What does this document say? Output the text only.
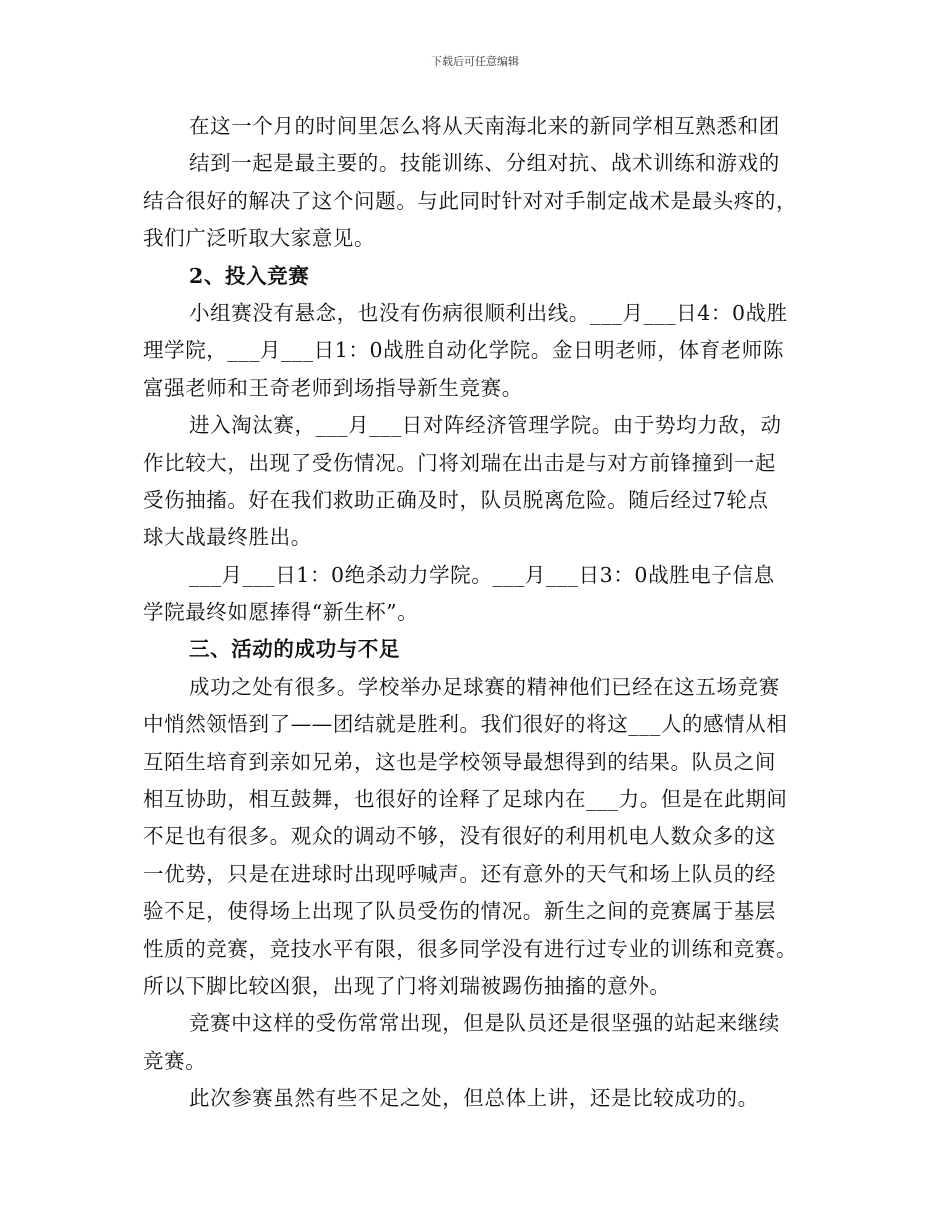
下载后可任意编辑
在这一个月的时间里怎么将从天南海北来的新同学相互熟悉和团
结到一起是最主要的。技能训练、分组对抗、战术训练和游戏的
结合很好的解决了这个问题。与此同时针对对手制定战术是最头疼的，
我们广泛听取大家意见。
2、投入竞赛
小组赛没有悬念，也没有伤病很顺利出线。___月___日4：0战胜
理学院，___月___日1：0战胜自动化学院。金日明老师，体育老师陈
富强老师和王奇老师到场指导新生竞赛。
进入淘汰赛，___月___日对阵经济管理学院。由于势均力敌，动
作比较大，出现了受伤情况。门将刘瑞在出击是与对方前锋撞到一起
受伤抽搐。好在我们救助正确及时，队员脱离危险。随后经过7轮点
球大战最终胜出。
___月___日1：0绝杀动力学院。___月___日3：0战胜电子信息
学院最终如愿捧得“新生杯”。
三、活动的成功与不足
成功之处有很多。学校举办足球赛的精神他们已经在这五场竞赛
中悄然领悟到了——团结就是胜利。我们很好的将这___人的感情从相
互陌生培育到亲如兄弟，这也是学校领导最想得到的结果。队员之间
相互协助，相互鼓舞，也很好的诠释了足球内在___力。但是在此期间
不足也有很多。观众的调动不够，没有很好的利用机电人数众多的这
一优势，只是在进球时出现呼喊声。还有意外的天气和场上队员的经
验不足，使得场上出现了队员受伤的情况。新生之间的竞赛属于基层
性质的竞赛，竞技水平有限，很多同学没有进行过专业的训练和竞赛。
所以下脚比较凶狠，出现了门将刘瑞被踢伤抽搐的意外。
竞赛中这样的受伤常常出现，但是队员还是很坚强的站起来继续
竞赛。
此次参赛虽然有些不足之处，但总体上讲，还是比较成功的。
